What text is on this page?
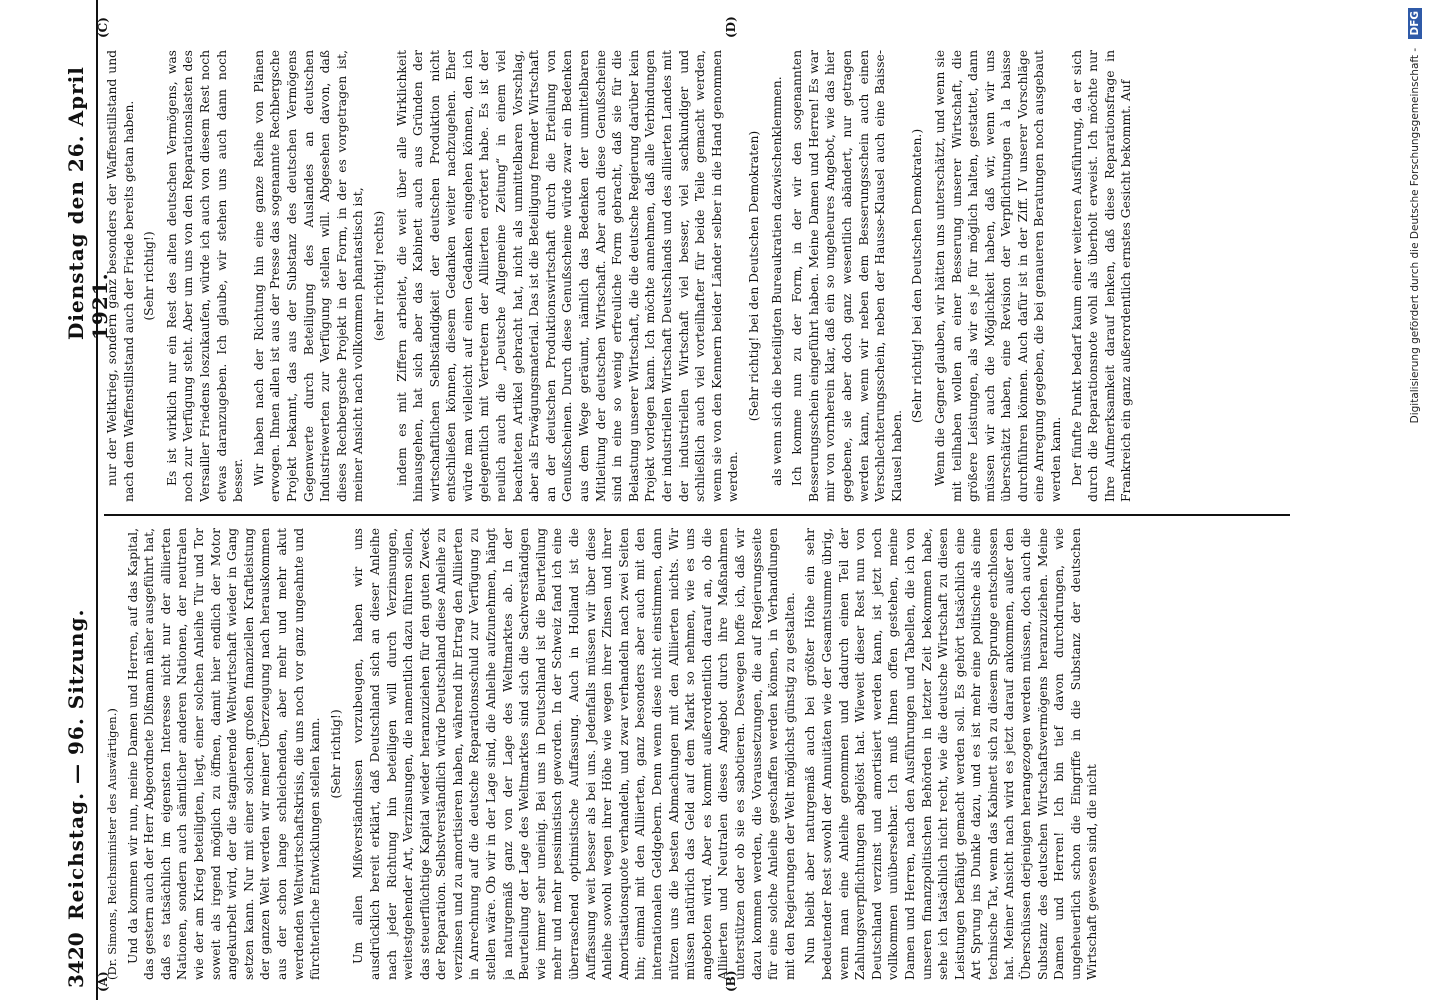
3420
Reichstag. — 96. Sitzung.
Dienstag den 26. April 1921.
(A)	(B)
(C)	(D)

(Dr. Simons, Reichsminister des Auswärtigen.) Und da kommen wir nun, meine Damen und Herren, auf das Kapital, das gestern auch der Herr Abgeordnete Dißmann näher ausgeführt hat, daß es tatsächlich im eigensten Interesse nicht nur der alliierten Nationen, sondern auch sämtlicher anderen Nationen, der neutralen wie der am Krieg beteiligten, liegt, einer solchen Anleihe Tür und Tor soweit als irgend möglich zu öffnen, damit hier endlich der Motor angekurbelt wird, der die stagnierende Weltwirtschaft wieder in Gang setzen kann. Nur mit einer solchen großen finanziellen Kraftleistung der ganzen Welt werden wir meiner Überzeugung nach herauskommen aus der schon lange schleichenden, aber mehr und mehr akut werdenden Weltwirtschaftskrisis, die uns noch vor ganz ungeahnte und fürchterliche Entwicklungen stellen kann. (Sehr richtig!) Um allen Mißverständnissen vorzubeugen, haben wir uns ausdrücklich bereit erklärt, daß Deutschland sich an dieser Anleihe nach jeder Richtung hin beteiligen will durch Verzinsungen, weitestgehender Art, Verzinsungen, die namentlich dazu führen sollen, das steuerflüchtige Kapital wieder heranzuziehen für den guten Zweck der Reparation. Selbstverständlich würde Deutschland diese Anleihe zu verzinsen und zu amortisieren haben, während ihr Ertrag den Alliierten in Anrechnung auf die deutsche Reparationsschuld zur Verfügung zu stellen wäre. Ob wir in der Lage sind, die Anleihe aufzunehmen, hängt ja naturgemäß ganz von der Lage des Weltmarktes ab. In der Beurteilung der Lage des Weltmarktes sind sich die Sachverständigen wie immer sehr uneinig. Bei uns in Deutschland ist die Beurteilung mehr und mehr pessimistisch geworden. In der Schweiz fand ich eine überraschend optimistische Auffassung. Auch in Holland ist die Auffassung weit besser als bei uns. Jedenfalls müssen wir über diese Anleihe sowohl wegen ihrer Höhe wie wegen ihrer Zinsen und ihrer Amortisationsquote verhandeln, und zwar verhandeln nach zwei Seiten hin; einmal mit den Alliierten, ganz besonders aber auch mit den internationalen Geldgebern. Denn wenn diese nicht einstimmen, dann nützen uns die besten Abmachungen mit den Alliierten nichts. Wir müssen natürlich das Geld auf dem Markt so nehmen, wie es uns angeboten wird. Aber es kommt außerordentlich darauf an, ob die Alliierten und Neutralen dieses Angebot durch ihre Maßnahmen unterstützen oder ob sie es sabotieren. Deswegen hoffe ich, daß wir dazu kommen werden, die Voraussetzungen, die auf Regierungsseite für eine solche Anleihe geschaffen werden können, in Verhandlungen mit den Regierungen der Welt möglichst günstig zu gestalten. Nun bleibt aber naturgemäß auch bei größter Höhe ein sehr bedeutender Rest sowohl der Annuitäten wie der Gesamtsumme übrig, wenn man eine Anleihe genommen und dadurch einen Teil der Zahlungsverpflichtungen abgelöst hat. Wieweit dieser Rest nun von Deutschland verzinst und amortisiert werden kann, ist jetzt noch vollkommen unübersehbar. Ich muß Ihnen offen gestehen, meine Damen und Herren, nach den Ausführungen und Tabellen, die ich von unseren finanzpolitischen Behörden in letzter Zeit bekommen habe, sehe ich tatsächlich nicht recht, wie die deutsche Wirtschaft zu diesen Leistungen befähigt gemacht werden soll. Es gehört tatsächlich eine Art Sprung ins Dunkle dazu, und es ist mehr eine politische als eine technische Tat, wenn das Kabinett sich zu diesem Sprunge entschlossen hat. Meiner Ansicht nach wird es jetzt darauf ankommen, außer den Überschüssen derjenigen herangezogen werden müssen, doch auch die Substanz des deutschen Wirtschaftsvermögens heranzuziehen. Meine Damen und Herren! Ich bin tief davon durchdrungen, wie ungeheuerlich schon die Eingriffe in die Substanz der deutschen Wirtschaft gewesen sind, die nicht

nur der Weltkrieg, sondern ganz besonders der Waffenstillstand und nach dem Waffenstillstand auch der Friede bereits getan haben. (Sehr richtig!) Es ist wirklich nur ein Rest des alten deutschen Vermögens, was noch zur Verfügung steht. Aber um uns von den Reparationslasten des Versailler Friedens loszukaufen, würde ich auch von diesem Rest noch etwas daranzugeben. Ich glaube, wir stehen uns auch dann noch besser. Wir haben nach der Richtung hin eine ganze Reihe von Plänen erwogen. Ihnen allen ist aus der Presse das sogenannte Rechbergsche Projekt bekannt, das aus der Substanz des deutschen Vermögens Gegenwerte durch Beteiligung des Auslandes an deutschen Industriewerten zur Verfügung stellen will. Abgesehen davon, daß dieses Rechbergsche Projekt in der Form, in der es vorgetragen ist, meiner Ansicht nach vollkommen phantastisch ist, (sehr richtig! rechts) indem es mit Ziffern arbeitet, die weit über alle Wirklichkeit hinausgehen, hat sich aber das Kabinett auch aus Gründen der wirtschaftlichen Selbständigkeit der deutschen Produktion nicht entschließen können, diesem Gedanken weiter nachzugehen. Eher würde man vielleicht auf einen Gedanken eingehen können, den ich gelegentlich mit Vertretern der Alliierten erörtert habe. Es ist der neulich auch die „Deutsche Allgemeine Zeitung“ in einem viel beachteten Artikel gebracht hat, nicht als unmittelbaren Vorschlag, aber als Erwägungsmaterial. Das ist die Beteiligung fremder Wirtschaft an der deutschen Produktionswirtschaft durch die Erteilung von Genußscheinen. Durch diese Genußscheine würde zwar ein Bedenken aus dem Wege geräumt, nämlich das Bedenken der unmittelbaren Mitleitung der deutschen Wirtschaft. Aber auch diese Genußscheine sind in eine so wenig erfreuliche Form gebracht, daß sie für die Belastung unserer Wirtschaft, die die deutsche Regierung darüber kein Projekt vorlegen kann. Ich möchte annehmen, daß alle Verbindungen der industriellen Wirtschaft Deutschlands und des alliierten Landes mit der industriellen Wirtschaft viel besser, viel sachkundiger und schließlich auch viel vorteilhafter für beide Teile gemacht werden, wenn sie von den Kennern beider Länder selber in die Hand genommen werden.

(Sehr richtig! bei den Deutschen Demokraten) als wenn sich die beteiligten Bureaukratien dazwischenklemmen. Ich komme nun zu der Form, in der wir den sogenannten Besserungsschein eingeführt haben. Meine Damen und Herren! Es war mir von vornherein klar, daß ein so ungeheures Angebot, wie das hier gegebene, sie aber doch ganz wesentlich abändert, nur getragen werden kann, wenn wir neben dem Besserungsschein auch einen Verschlechterungsschein, neben der Hausse-Klausel auch eine Baisse-Klausel haben.

(Sehr richtig! bei den Deutschen Demokraten.) Wenn die Gegner glauben, wir hätten uns unterschätzt, und wenn sie mit teilhaben wollen an einer Besserung unserer Wirtschaft, die größere Leistungen, als wir es je für möglich halten, gestattet, dann müssen wir auch die Möglichkeit haben, daß wir, wenn wir uns überschätzt haben, eine Revision der Verpflichtungen à la baisse durchführen können. Auch dafür ist in der Ziff. IV unserer Vorschläge eine Anregung gegeben, die bei genaueren Beratungen noch ausgebaut werden kann. Der fünfte Punkt bedarf kaum einer weiteren Ausführung, da er sich durch die Reparationsnote wohl als überholt erweist. Ich möchte nur Ihre Aufmerksamkeit darauf lenken, daß diese Reparationsfrage in Frankreich ein ganz außerordentlich ernstes Gesicht bekommt. Auf	Digitalisierung gefördert durch die Deutsche Forschungsgemeinschaft - DFG
